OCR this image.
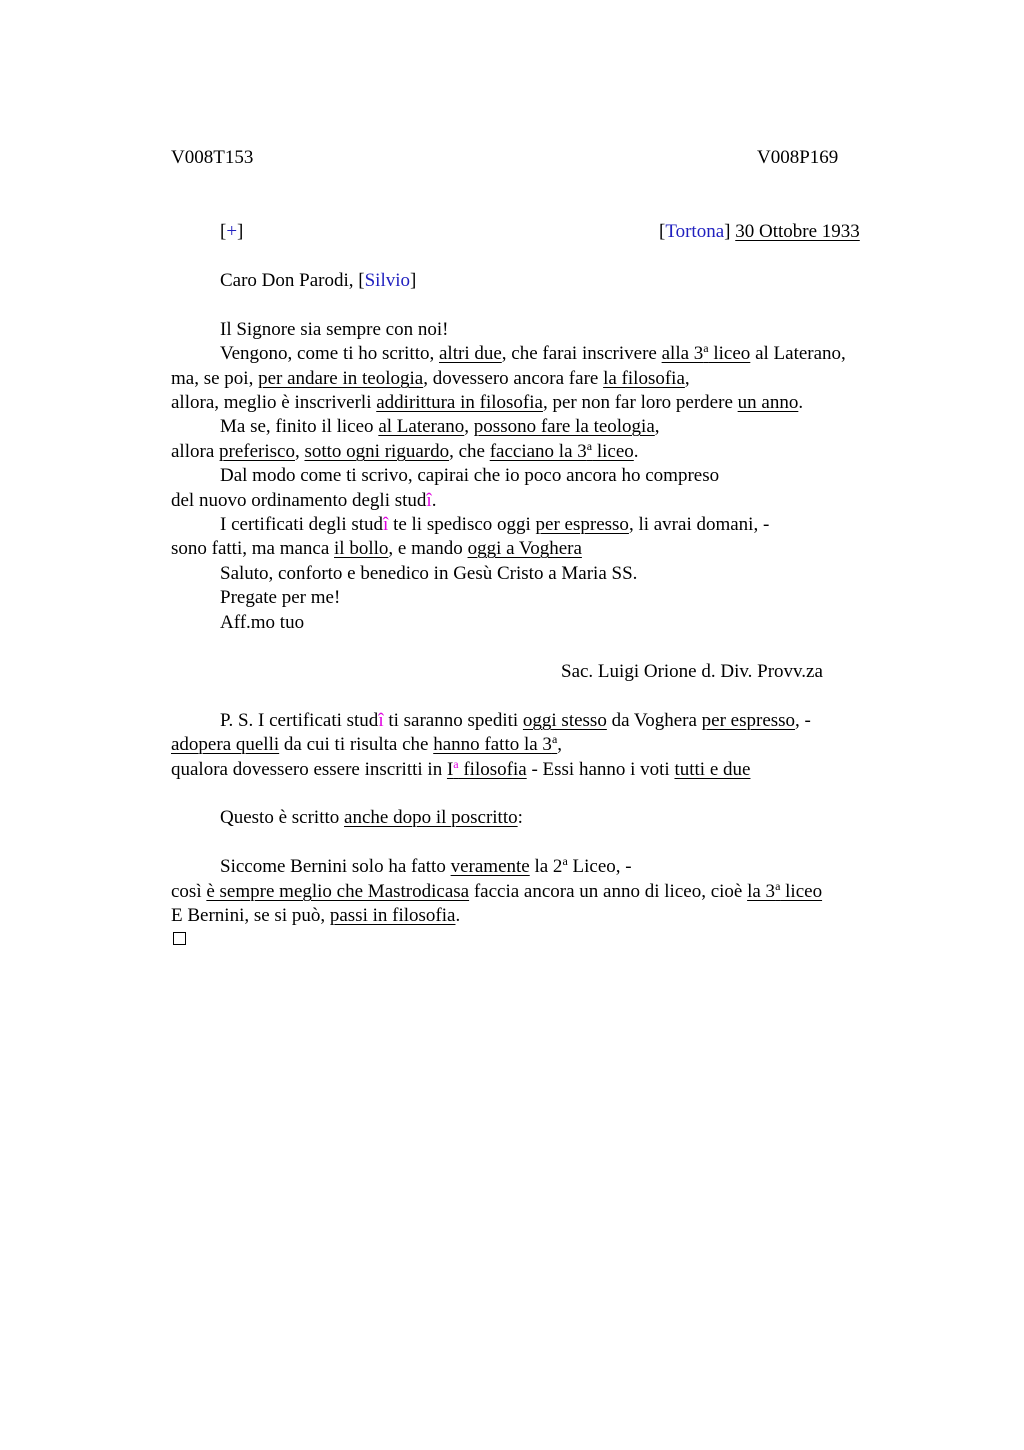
V008T153	V008P169
[+]	[Tortona] 30 Ottobre 1933
Caro Don Parodi, [Silvio]
Il Signore sia sempre con noi!
Vengono, come ti ho scritto, altri due, che farai inscrivere alla 3$^a$ liceo al Laterano,
ma, se poi, per andare in teologia, dovessero ancora fare la filosofia,
allora, meglio è inscriverli addirittura in filosofia, per non far loro perdere un anno.
Ma se, finito il liceo al Laterano, possono fare la teologia,
allora preferisco, sotto ogni riguardo, che facciano la 3$^a$ liceo.
Dal modo come ti scrivo, capirai che io poco ancora ho compreso
del nuovo ordinamento degli studî.
I certificati degli studî te li spedisco oggi per espresso, li avrai domani, -
sono fatti, ma manca il bollo, e mando oggi a Voghera
Saluto, conforto e benedico in Gesù Cristo a Maria SS.
Pregate per me!
Aff.mo tuo
Sac. Luigi Orione d. Div. Provv.za
P. S. I certificati studî ti saranno spediti oggi stesso da Voghera per espresso, -
adopera quelli da cui ti risulta che hanno fatto la 3$^a$,
qualora dovessero essere inscritti in $I^a$ filosofia - Essi hanno i voti tutti e due
Questo è scritto anche dopo il poscritto:
Siccome Bernini solo ha fatto veramente la 2$^a$ Liceo, -
così è sempre meglio che Mastrodicasa faccia ancora un anno di liceo, cioè la 3$^a$ liceo
E Bernini, se si può, passi in filosofia.
